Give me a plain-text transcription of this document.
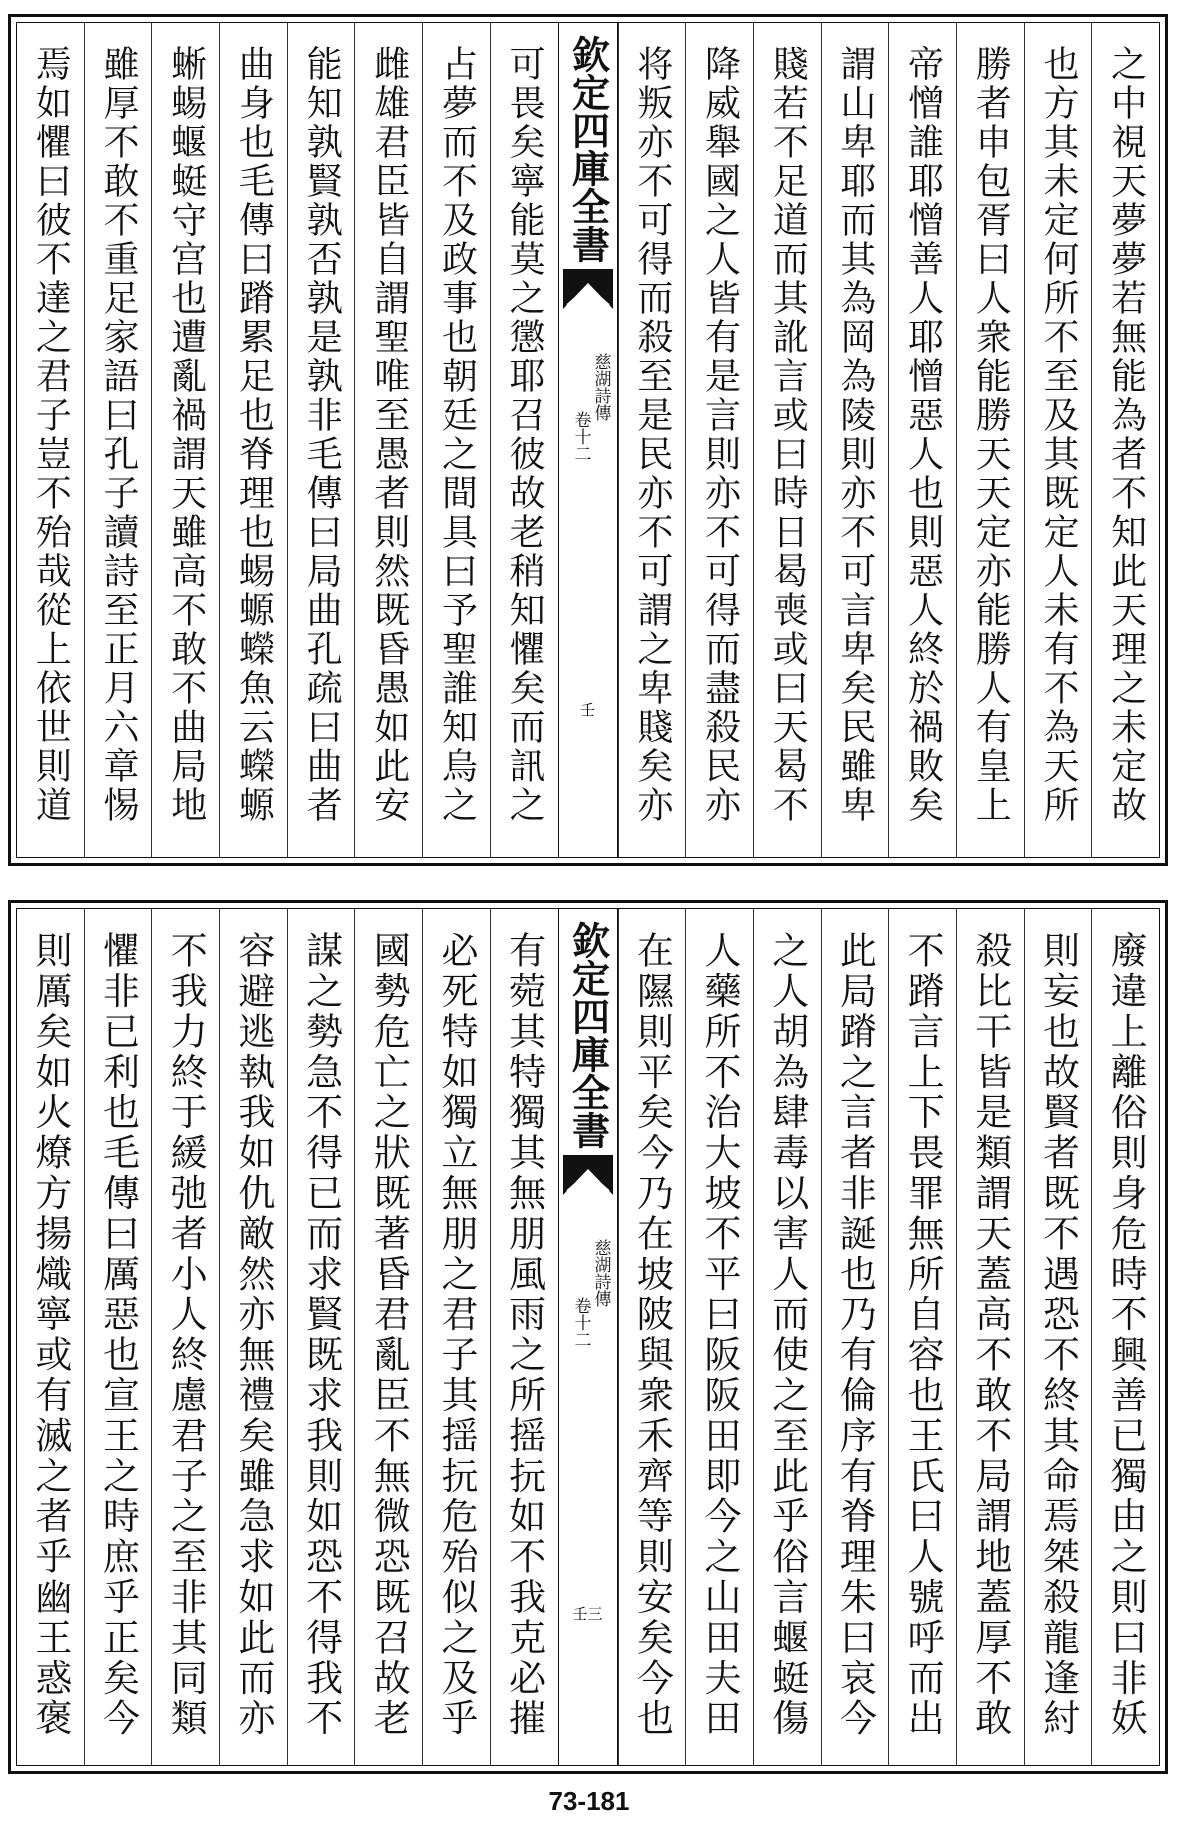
之中視天夢夢若無能為者不知此天理之未定故
也方其未定何所不至及其既定人未有不為天所
勝者申包胥曰人衆能勝天天定亦能勝人有皇上
帝憎誰耶憎善人耶憎惡人也則惡人終於禍敗矣
謂山卑耶而其為岡為陵則亦不可言卑矣民雖卑
賤若不足道而其訛言或曰時日曷喪或曰天曷不
降威舉國之人皆有是言則亦不可得而盡殺民亦
将叛亦不可得而殺至是民亦不可謂之卑賤矣亦
欽定四庫全書
慈湖詩傳
卷十二
壬
可畏矣寧能莫之懲耶召彼故老稍知懼矣而訊之
占夢而不及政事也朝廷之間具曰予聖誰知烏之
雌雄君臣皆自謂聖唯至愚者則然既昏愚如此安
能知孰賢孰否孰是孰非毛傳曰局曲孔疏曰曲者
曲身也毛傳曰蹐累足也脊理也蜴螈蠑魚云蠑螈
蜥蜴蝘蜓守宫也遭亂禍謂天雖高不敢不曲局地
雖厚不敢不重足家語曰孔子讀詩至正月六章惕
焉如懼曰彼不達之君子豈不殆哉從上依世則道
廢違上離俗則身危時不興善已獨由之則曰非妖
則妄也故賢者既不遇恐不終其命焉桀殺龍逢紂
殺比干皆是類謂天蓋高不敢不局謂地蓋厚不敢
不蹐言上下畏罪無所自容也王氏曰人號呼而出
此局蹐之言者非誕也乃有倫序有脊理朱曰哀今
之人胡為肆毒以害人而使之至此乎俗言蝘蜓傷
人藥所不治大坡不平曰阪阪田即今之山田夫田
在隰則平矣今乃在坡陂與衆禾齊等則安矣今也
欽定四庫全書
慈湖詩傳
卷十二
壬三
有菀其特獨其無朋風雨之所摇抏如不我克必摧
必死特如獨立無朋之君子其揺抏危殆似之及乎
國勢危亡之狀既著昏君亂臣不無微恐既召故老
謀之勢急不得已而求賢既求我則如恐不得我不
容避逃執我如仇敵然亦無禮矣雖急求如此而亦
不我力終于緩弛者小人終慮君子之至非其同類
懼非已利也毛傳曰厲惡也宣王之時庶乎正矣今
則厲矣如火燎方揚熾寧或有滅之者乎幽王惑褒
73-181
